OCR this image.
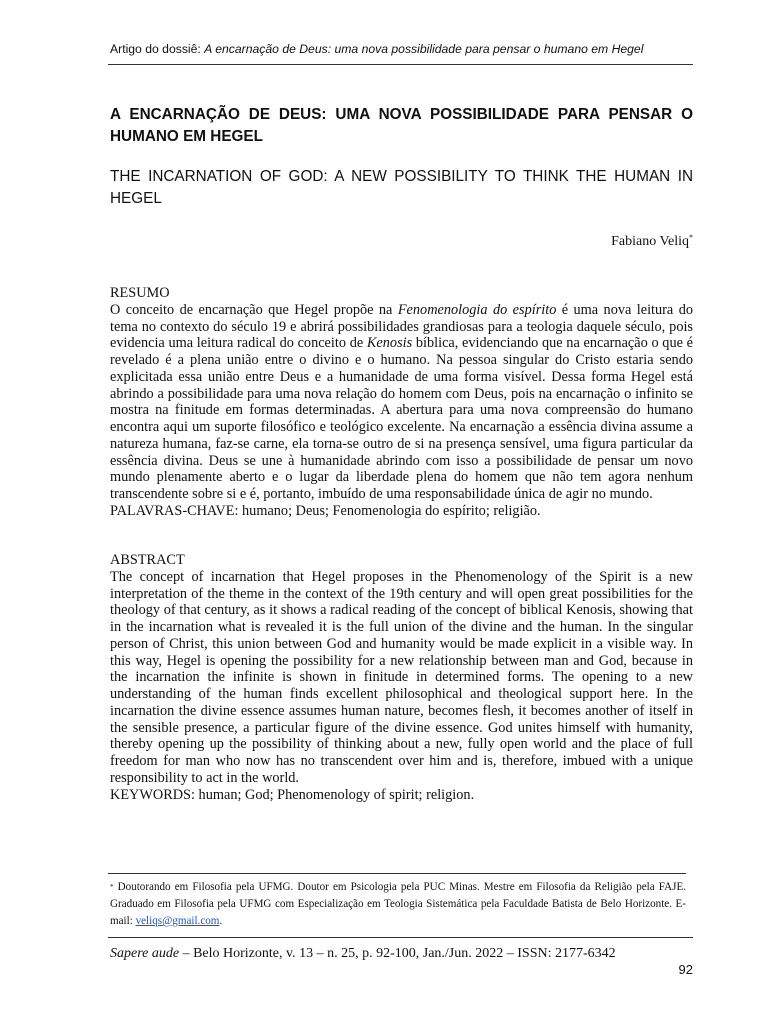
Artigo do dossiê: A encarnação de Deus: uma nova possibilidade para pensar o humano em Hegel
A ENCARNAÇÃO DE DEUS: UMA NOVA POSSIBILIDADE PARA PENSAR O HUMANO EM HEGEL
THE INCARNATION OF GOD: A NEW POSSIBILITY TO THINK THE HUMAN IN HEGEL
Fabiano Veliq*
RESUMO

O conceito de encarnação que Hegel propõe na Fenomenologia do espírito é uma nova leitura do tema no contexto do século 19 e abrirá possibilidades grandiosas para a teologia daquele século, pois evidencia uma leitura radical do conceito de Kenosis bíblica, evidenciando que na encarnação o que é revelado é a plena união entre o divino e o humano. Na pessoa singular do Cristo estaria sendo explicitada essa união entre Deus e a humanidade de uma forma visível. Dessa forma Hegel está abrindo a possibilidade para uma nova relação do homem com Deus, pois na encarnação o infinito se mostra na finitude em formas determinadas. A abertura para uma nova compreensão do humano encontra aqui um suporte filosófico e teológico excelente. Na encarnação a essência divina assume a natureza humana, faz-se carne, ela torna-se outro de si na presença sensível, uma figura particular da essência divina. Deus se une à humanidade abrindo com isso a possibilidade de pensar um novo mundo plenamente aberto e o lugar da liberdade plena do homem que não tem agora nenhum transcendente sobre si e é, portanto, imbuído de uma responsabilidade única de agir no mundo.

PALAVRAS-CHAVE: humano; Deus; Fenomenologia do espírito; religião.
ABSTRACT

The concept of incarnation that Hegel proposes in the Phenomenology of the Spirit is a new interpretation of the theme in the context of the 19th century and will open great possibilities for the theology of that century, as it shows a radical reading of the concept of biblical Kenosis, showing that in the incarnation what is revealed it is the full union of the divine and the human. In the singular person of Christ, this union between God and humanity would be made explicit in a visible way. In this way, Hegel is opening the possibility for a new relationship between man and God, because in the incarnation the infinite is shown in finitude in determined forms. The opening to a new understanding of the human finds excellent philosophical and theological support here. In the incarnation the divine essence assumes human nature, becomes flesh, it becomes another of itself in the sensible presence, a particular figure of the divine essence. God unites himself with humanity, thereby opening up the possibility of thinking about a new, fully open world and the place of full freedom for man who now has no transcendent over him and is, therefore, imbued with a unique responsibility to act in the world.

KEYWORDS: human; God; Phenomenology of spirit; religion.
* Doutorando em Filosofia pela UFMG. Doutor em Psicologia pela PUC Minas. Mestre em Filosofia da Religião pela FAJE. Graduado em Filosofia pela UFMG com Especialização em Teologia Sistemática pela Faculdade Batista de Belo Horizonte. E-mail: veliqs@gmail.com.
Sapere aude – Belo Horizonte, v. 13 – n. 25, p. 92-100, Jan./Jun. 2022 – ISSN: 2177-6342
92
